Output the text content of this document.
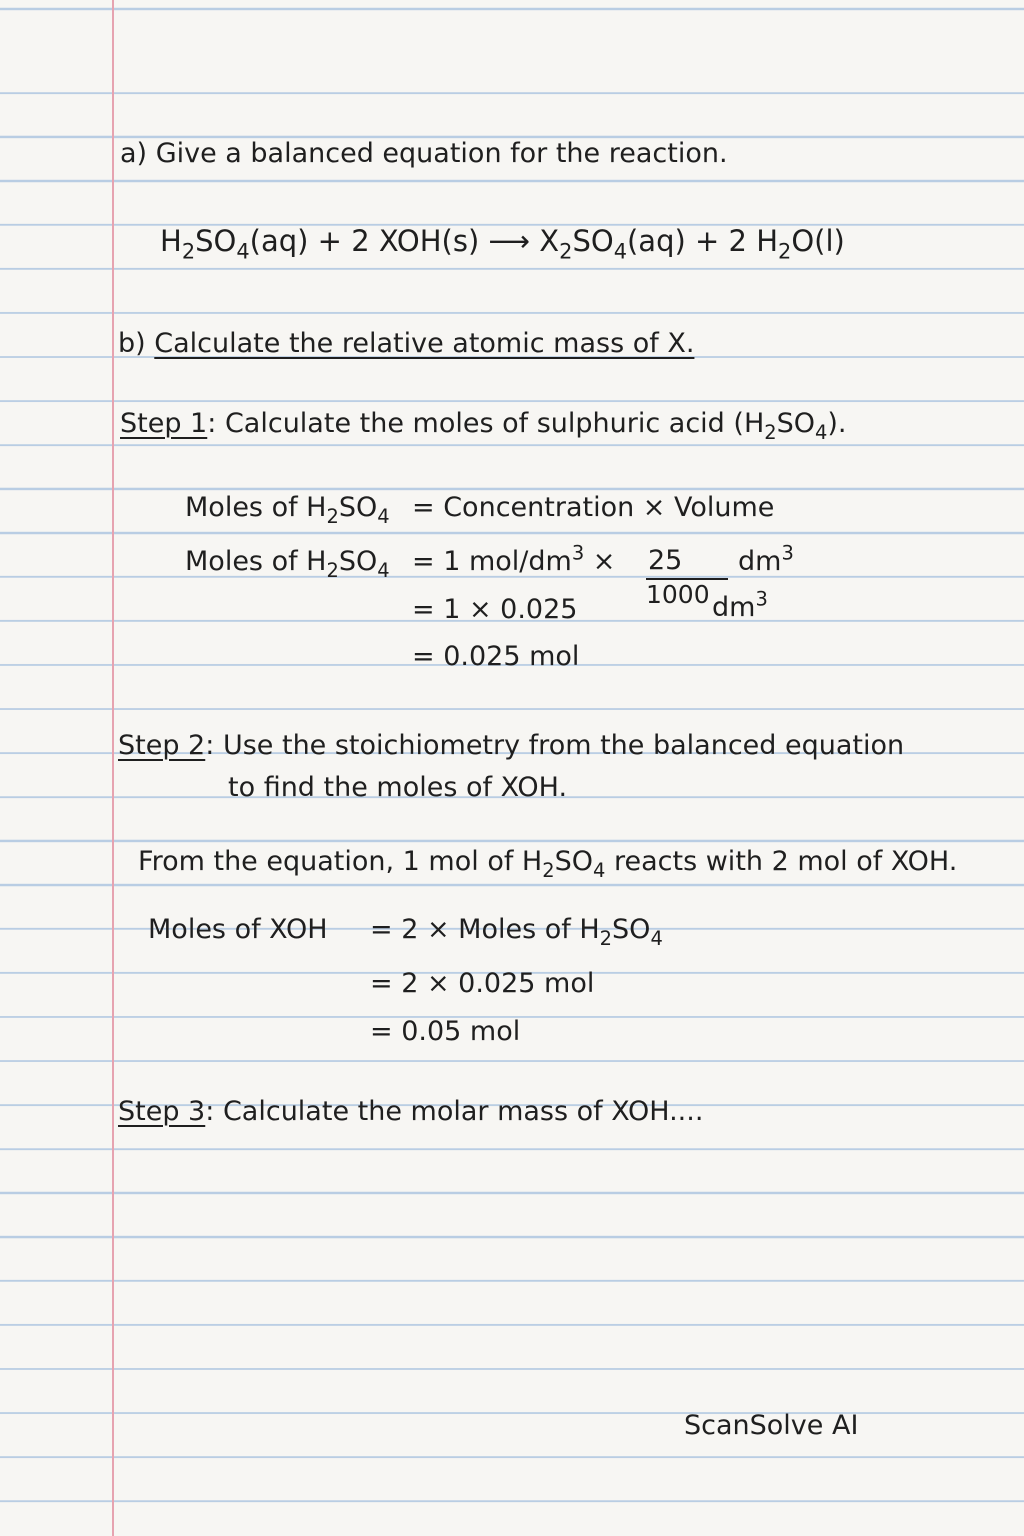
a) Give a balanced equation for the reaction.
$H_2SO_4(aq) + 2$ XOH(s) ⟶ $X_2SO_4(aq) + 2$ $H_2O(l)$
b) Calculate the relative atomic mass of X.
Step 1: Calculate the moles of sulphuric acid $(H_2SO_4)$.
Moles of $H_2SO_4$ = Concentration × Volume
Moles of $H_2SO_4 = 1$ mol/$dm^3 \times 25$
1000
$dm^3$
$dm^3$
= 1 × 0.025
= 0.025 mol
Step 2: Use the stoichiometry from the balanced equation
to find the moles of XOH.
From the equation, 1 mol of $H_2SO_4$ reacts with 2 mol of XOH.
Moles of XOH = 2 × Moles of $H_2SO_4$
= 2 × 0.025 mol
= 0.05 mol
Step 3: Calculate the molar mass of XOH....
ScanSolve AI
